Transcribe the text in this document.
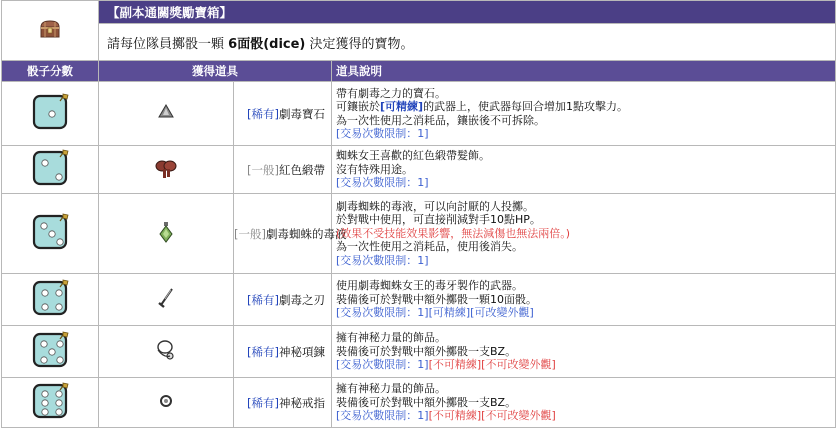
	【副本通關獎勵寶箱】		
	請每位隊員擲骰一顆 6面骰(dice) 決定獲得的寶物。		
骰子分數	獲得道具		道具說明
		[稀有]劇毒寶石	帶有劇毒之力的寶石。
可鑲嵌於[可精練]的武器上，使武器每回合增加1點攻擊力。
為一次性使用之消耗品，鑲嵌後不可拆除。
[交易次數限制：1]

		[一般]紅色緞帶	蜘蛛女王喜歡的紅色緞帶髮飾。
沒有特殊用途。
[交易次數限制：1]

		[一般]劇毒蜘蛛的毒液	劇毒蜘蛛的毒液，可以向討厭的人投擲。
於對戰中使用，可直接削減對手10點HP。
(效果不受技能效果影響，無法減傷也無法兩倍。)
為一次性使用之消耗品，使用後消失。
[交易次數限制：1]

		[稀有]劇毒之刃	使用劇毒蜘蛛女王的毒牙製作的武器。
裝備後可於對戰中額外擲骰一顆10面骰。
[交易次數限制：1][可精練][可改變外觀]

		[稀有]神秘項鍊	擁有神秘力量的飾品。
裝備後可於對戰中額外擲骰一支BZ。
[交易次數限制：1][不可精練][不可改變外觀]

		[稀有]神秘戒指	擁有神秘力量的飾品。
裝備後可於對戰中額外擲骰一支BZ。
[交易次數限制：1][不可精練][不可改變外觀]
